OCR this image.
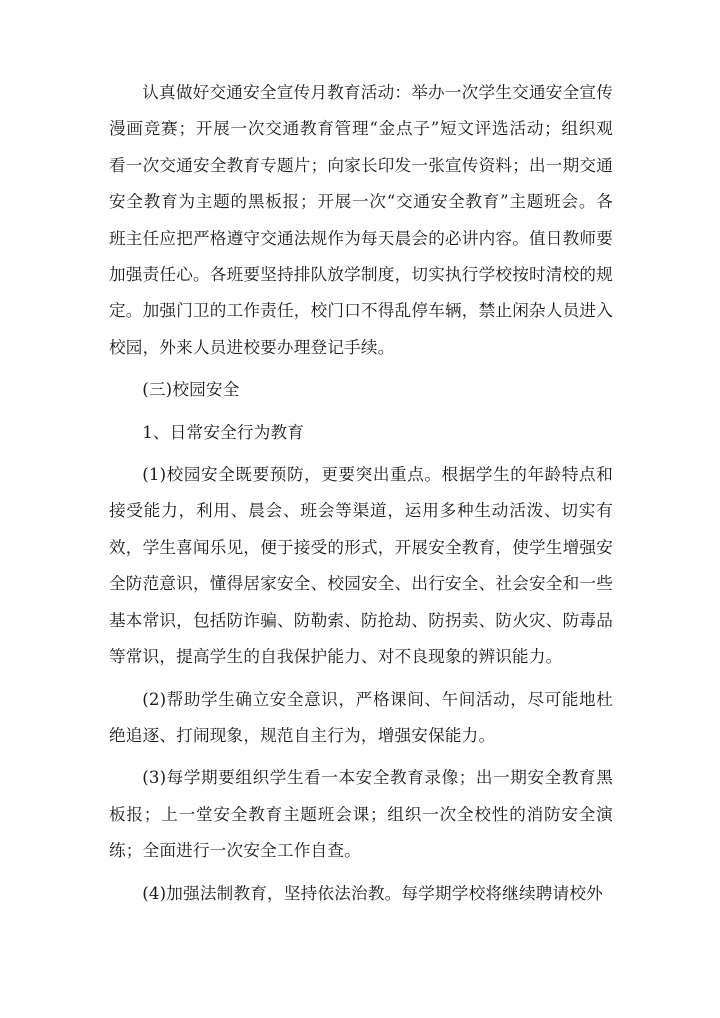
认真做好交通安全宣传月教育活动：举办一次学生交通安全宣传漫画竞赛；开展一次交通教育管理“金点子”短文评选活动；组织观看一次交通安全教育专题片；向家长印发一张宣传资料；出一期交通安全教育为主题的黑板报；开展一次“交通安全教育”主题班会。各班主任应把严格遵守交通法规作为每天晨会的必讲内容。值日教师要加强责任心。各班要坚持排队放学制度，切实执行学校按时清校的规定。加强门卫的工作责任，校门口不得乱停车辆，禁止闲杂人员进入校园，外来人员进校要办理登记手续。

(三)校园安全

1、日常安全行为教育

(1)校园安全既要预防，更要突出重点。根据学生的年龄特点和接受能力，利用、晨会、班会等渠道，运用多种生动活泼、切实有效，学生喜闻乐见，便于接受的形式，开展安全教育，使学生增强安全防范意识，懂得居家安全、校园安全、出行安全、社会安全和一些基本常识，包括防诈骗、防勒索、防抢劫、防拐卖、防火灾、防毒品等常识，提高学生的自我保护能力、对不良现象的辨识能力。

(2)帮助学生确立安全意识，严格课间、午间活动，尽可能地杜绝追逐、打闹现象，规范自主行为，增强安保能力。

(3)每学期要组织学生看一本安全教育录像；出一期安全教育黑板报；上一堂安全教育主题班会课；组织一次全校性的消防安全演练；全面进行一次安全工作自查。

(4)加强法制教育，坚持依法治教。每学期学校将继续聘请校外
